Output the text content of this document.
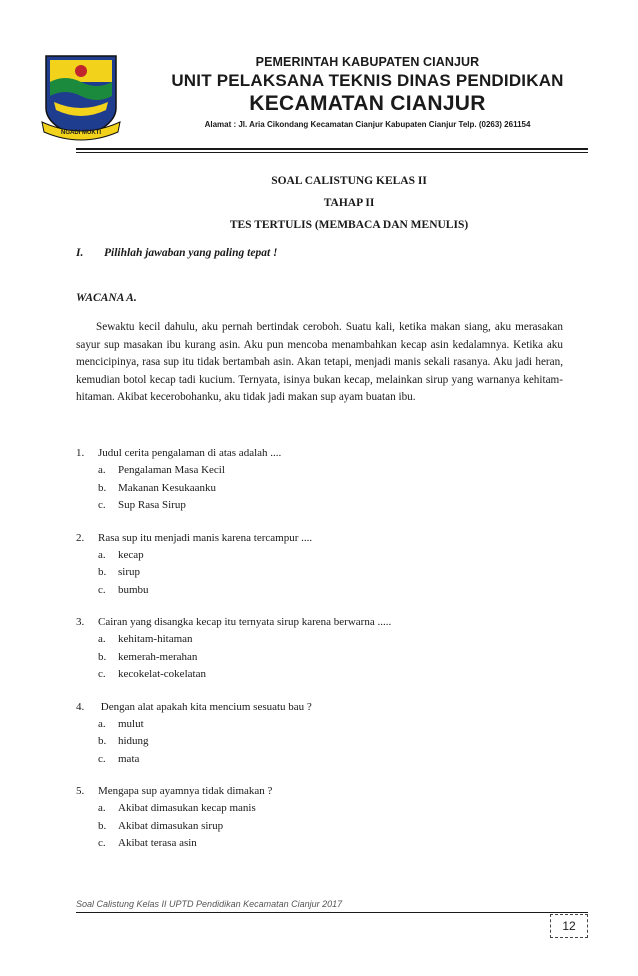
NGADI MUKTI
PEMERINTAH KABUPATEN CIANJUR
UNIT PELAKSANA TEKNIS DINAS PENDIDIKAN
KECAMATAN CIANJUR
Alamat : Jl. Aria Cikondang Kecamatan Cianjur Kabupaten Cianjur Telp. (0263) 261154
SOAL CALISTUNG KELAS II
TAHAP II
TES TERTULIS (MEMBACA DAN MENULIS)
I. Pilihlah jawaban yang paling tepat !
WACANA A.
Sewaktu kecil dahulu, aku pernah bertindak ceroboh. Suatu kali, ketika makan siang, aku merasakan sayur sup masakan ibu kurang asin. Aku pun mencoba menambahkan kecap asin kedalamnya. Ketika aku mencicipinya, rasa sup itu tidak bertambah asin. Akan tetapi, menjadi manis sekali rasanya. Aku jadi heran, kemudian botol kecap tadi kucium. Ternyata, isinya bukan kecap, melainkan sirup yang warnanya kehitam-hitaman. Akibat kecerobohanku, aku tidak jadi makan sup ayam buatan ibu.
1. Judul cerita pengalaman di atas adalah ....
a. Pengalaman Masa Kecil
b. Makanan Kesukaanku
c. Sup Rasa Sirup
2. Rasa sup itu menjadi manis karena tercampur ....
a. kecap
b. sirup
c. bumbu
3. Cairan yang disangka kecap itu ternyata sirup karena berwarna .....
a. kehitam-hitaman
b. kemerah-merahan
c. kecokelat-cokelatan
4. Dengan alat apakah kita mencium sesuatu bau ?
a. mulut
b. hidung
c. mata
5. Mengapa sup ayamnya tidak dimakan ?
a. Akibat dimasukan kecap manis
b. Akibat dimasukan sirup
c. Akibat terasa asin
Soal Calistung Kelas II UPTD Pendidikan Kecamatan Cianjur 2017
12
